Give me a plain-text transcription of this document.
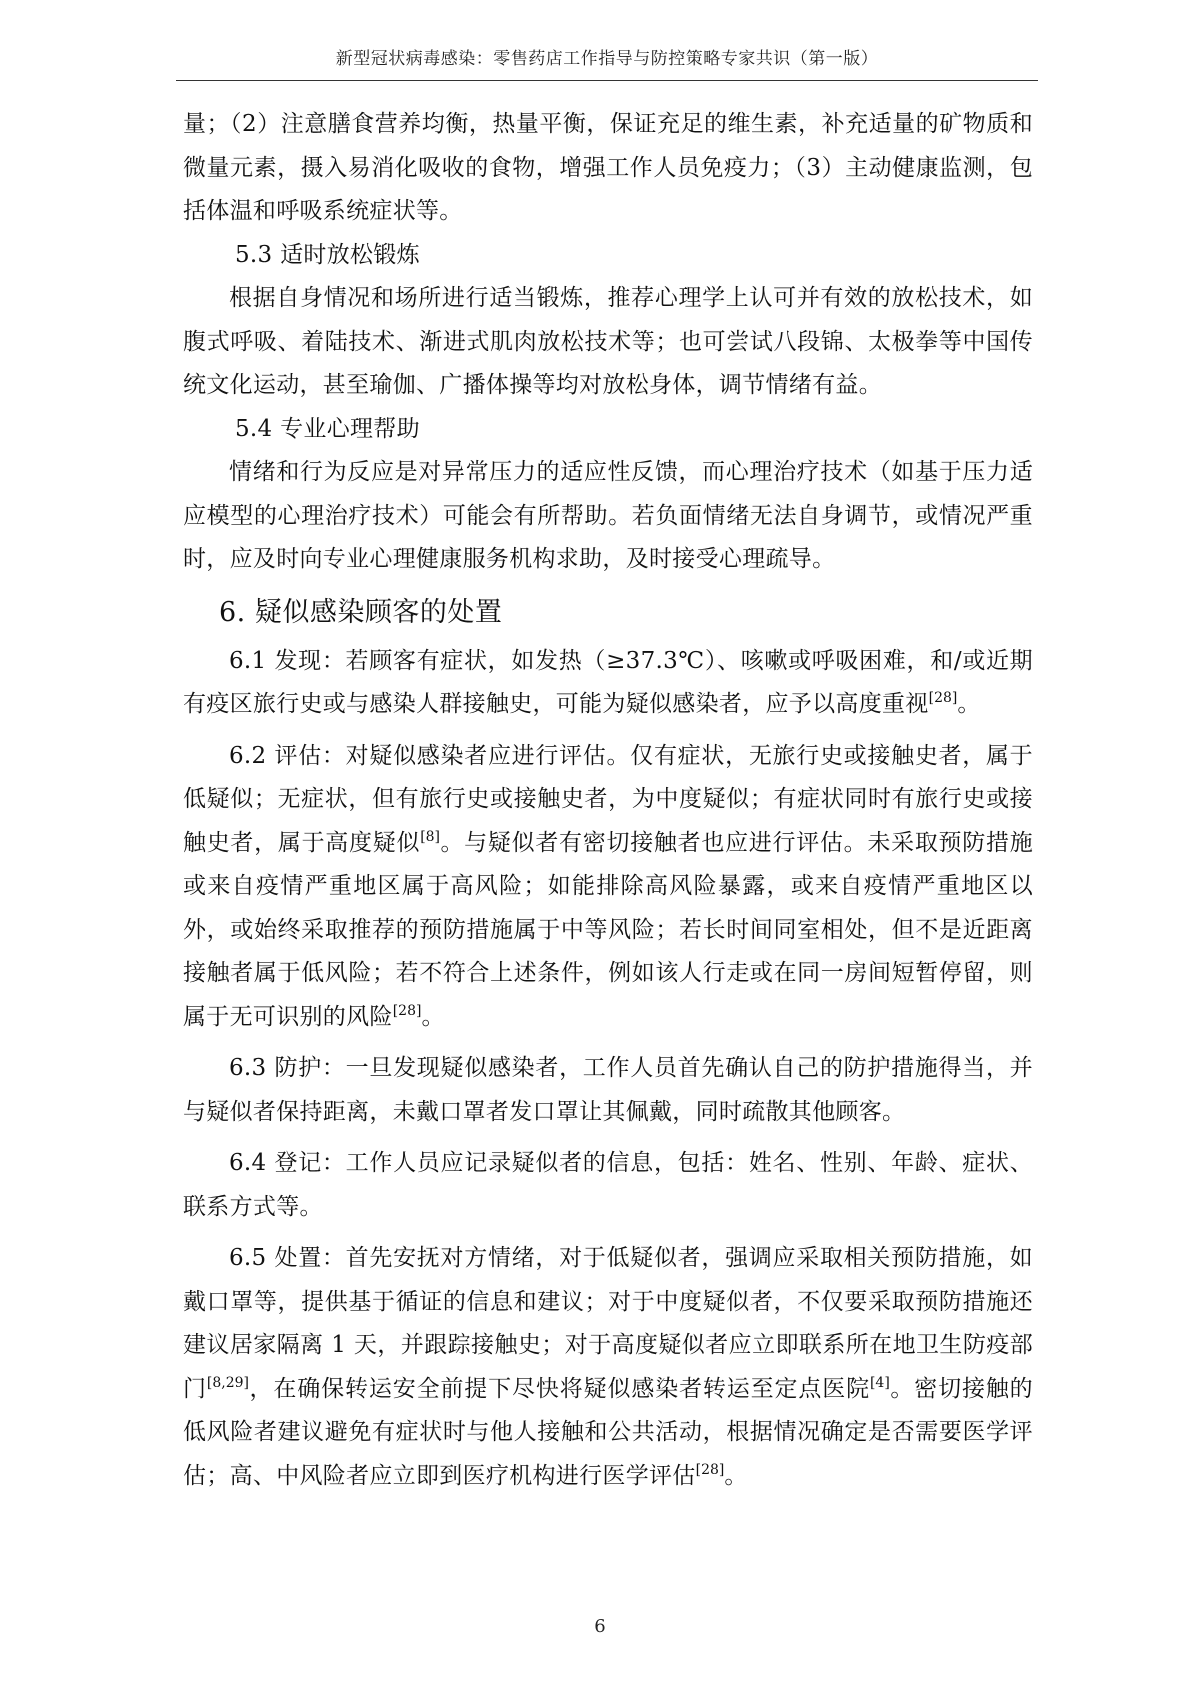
新型冠状病毒感染：零售药店工作指导与防控策略专家共识（第一版）

量；（2）注意膳食营养均衡，热量平衡，保证充足的维生素，补充适量的矿物质和微量元素，摄入易消化吸收的食物，增强工作人员免疫力；（3）主动健康监测，包括体温和呼吸系统症状等。

5.3 适时放松锻炼

根据自身情况和场所进行适当锻炼，推荐心理学上认可并有效的放松技术，如腹式呼吸、着陆技术、渐进式肌肉放松技术等；也可尝试八段锦、太极拳等中国传统文化运动，甚至瑜伽、广播体操等均对放松身体，调节情绪有益。

5.4 专业心理帮助

情绪和行为反应是对异常压力的适应性反馈，而心理治疗技术（如基于压力适应模型的心理治疗技术）可能会有所帮助。若负面情绪无法自身调节，或情况严重时，应及时向专业心理健康服务机构求助，及时接受心理疏导。

6. 疑似感染顾客的处置

6.1 发现：若顾客有症状，如发热（≥37.3℃）、咳嗽或呼吸困难，和/或近期有疫区旅行史或与感染人群接触史，可能为疑似感染者，应予以高度重视[28]。

6.2 评估：对疑似感染者应进行评估。仅有症状，无旅行史或接触史者，属于低疑似；无症状，但有旅行史或接触史者，为中度疑似；有症状同时有旅行史或接触史者，属于高度疑似[8]。与疑似者有密切接触者也应进行评估。未采取预防措施或来自疫情严重地区属于高风险；如能排除高风险暴露，或来自疫情严重地区以外，或始终采取推荐的预防措施属于中等风险；若长时间同室相处，但不是近距离接触者属于低风险；若不符合上述条件，例如该人行走或在同一房间短暂停留，则属于无可识别的风险[28]。

6.3 防护：一旦发现疑似感染者，工作人员首先确认自己的防护措施得当，并与疑似者保持距离，未戴口罩者发口罩让其佩戴，同时疏散其他顾客。

6.4 登记：工作人员应记录疑似者的信息，包括：姓名、性别、年龄、症状、联系方式等。

6.5 处置：首先安抚对方情绪，对于低疑似者，强调应采取相关预防措施，如戴口罩等，提供基于循证的信息和建议；对于中度疑似者，不仅要采取预防措施还建议居家隔离 1 天，并跟踪接触史；对于高度疑似者应立即联系所在地卫生防疫部门[8,29]，在确保转运安全前提下尽快将疑似感染者转运至定点医院[4]。密切接触的低风险者建议避免有症状时与他人接触和公共活动，根据情况确定是否需要医学评估；高、中风险者应立即到医疗机构进行医学评估[28]。

6
